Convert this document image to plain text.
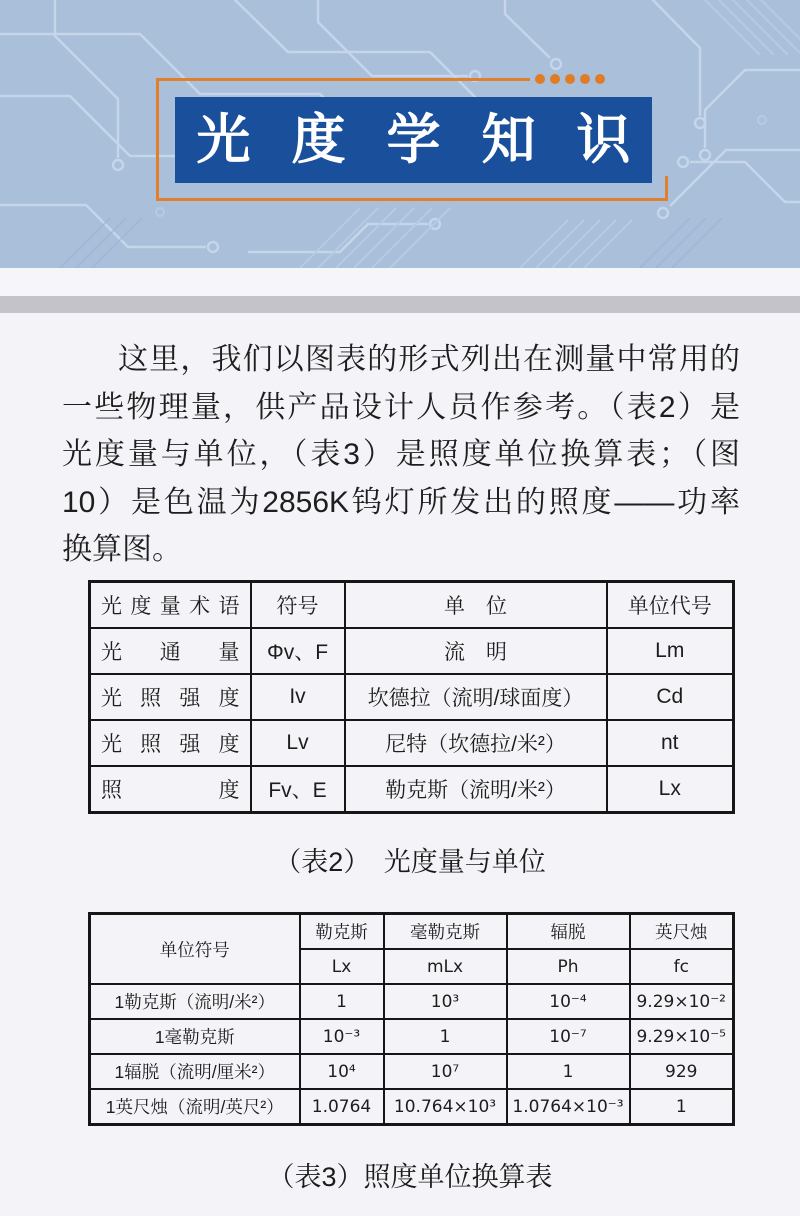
光度学知识
这里，我们以图表的形式列出在测量中常用的
一些物理量，供产品设计人员作参考。（表2）是
光度量与单位，（表3）是照度单位换算表；（图
10）是色温为2856K钨灯所发出的照度——功率
换算图。
光度量术语	符号	单　位	单位代号

光通量	Φv、F	流　明	Lm

光照强度	Iv	坎德拉（流明/球面度）	Cd

光照强度	Lv	尼特（坎德拉/米²）	nt

照度	Fv、E	勒克斯（流明/米²）	Lx
（表2）　光度量与单位
单位符号	勒克斯	毫勒克斯	辐脱	英尺烛
	Lx	mLx	Ph	fc
1勒克斯（流明/米²）	1	10³	10⁻⁴	9.29×10⁻²
1毫勒克斯	10⁻³	1	10⁻⁷	9.29×10⁻⁵
1辐脱（流明/厘米²）	10⁴	10⁷	1	929
1英尺烛（流明/英尺²）	1.0764	10.764×10³	1.0764×10⁻³	1
（表3）照度单位换算表
